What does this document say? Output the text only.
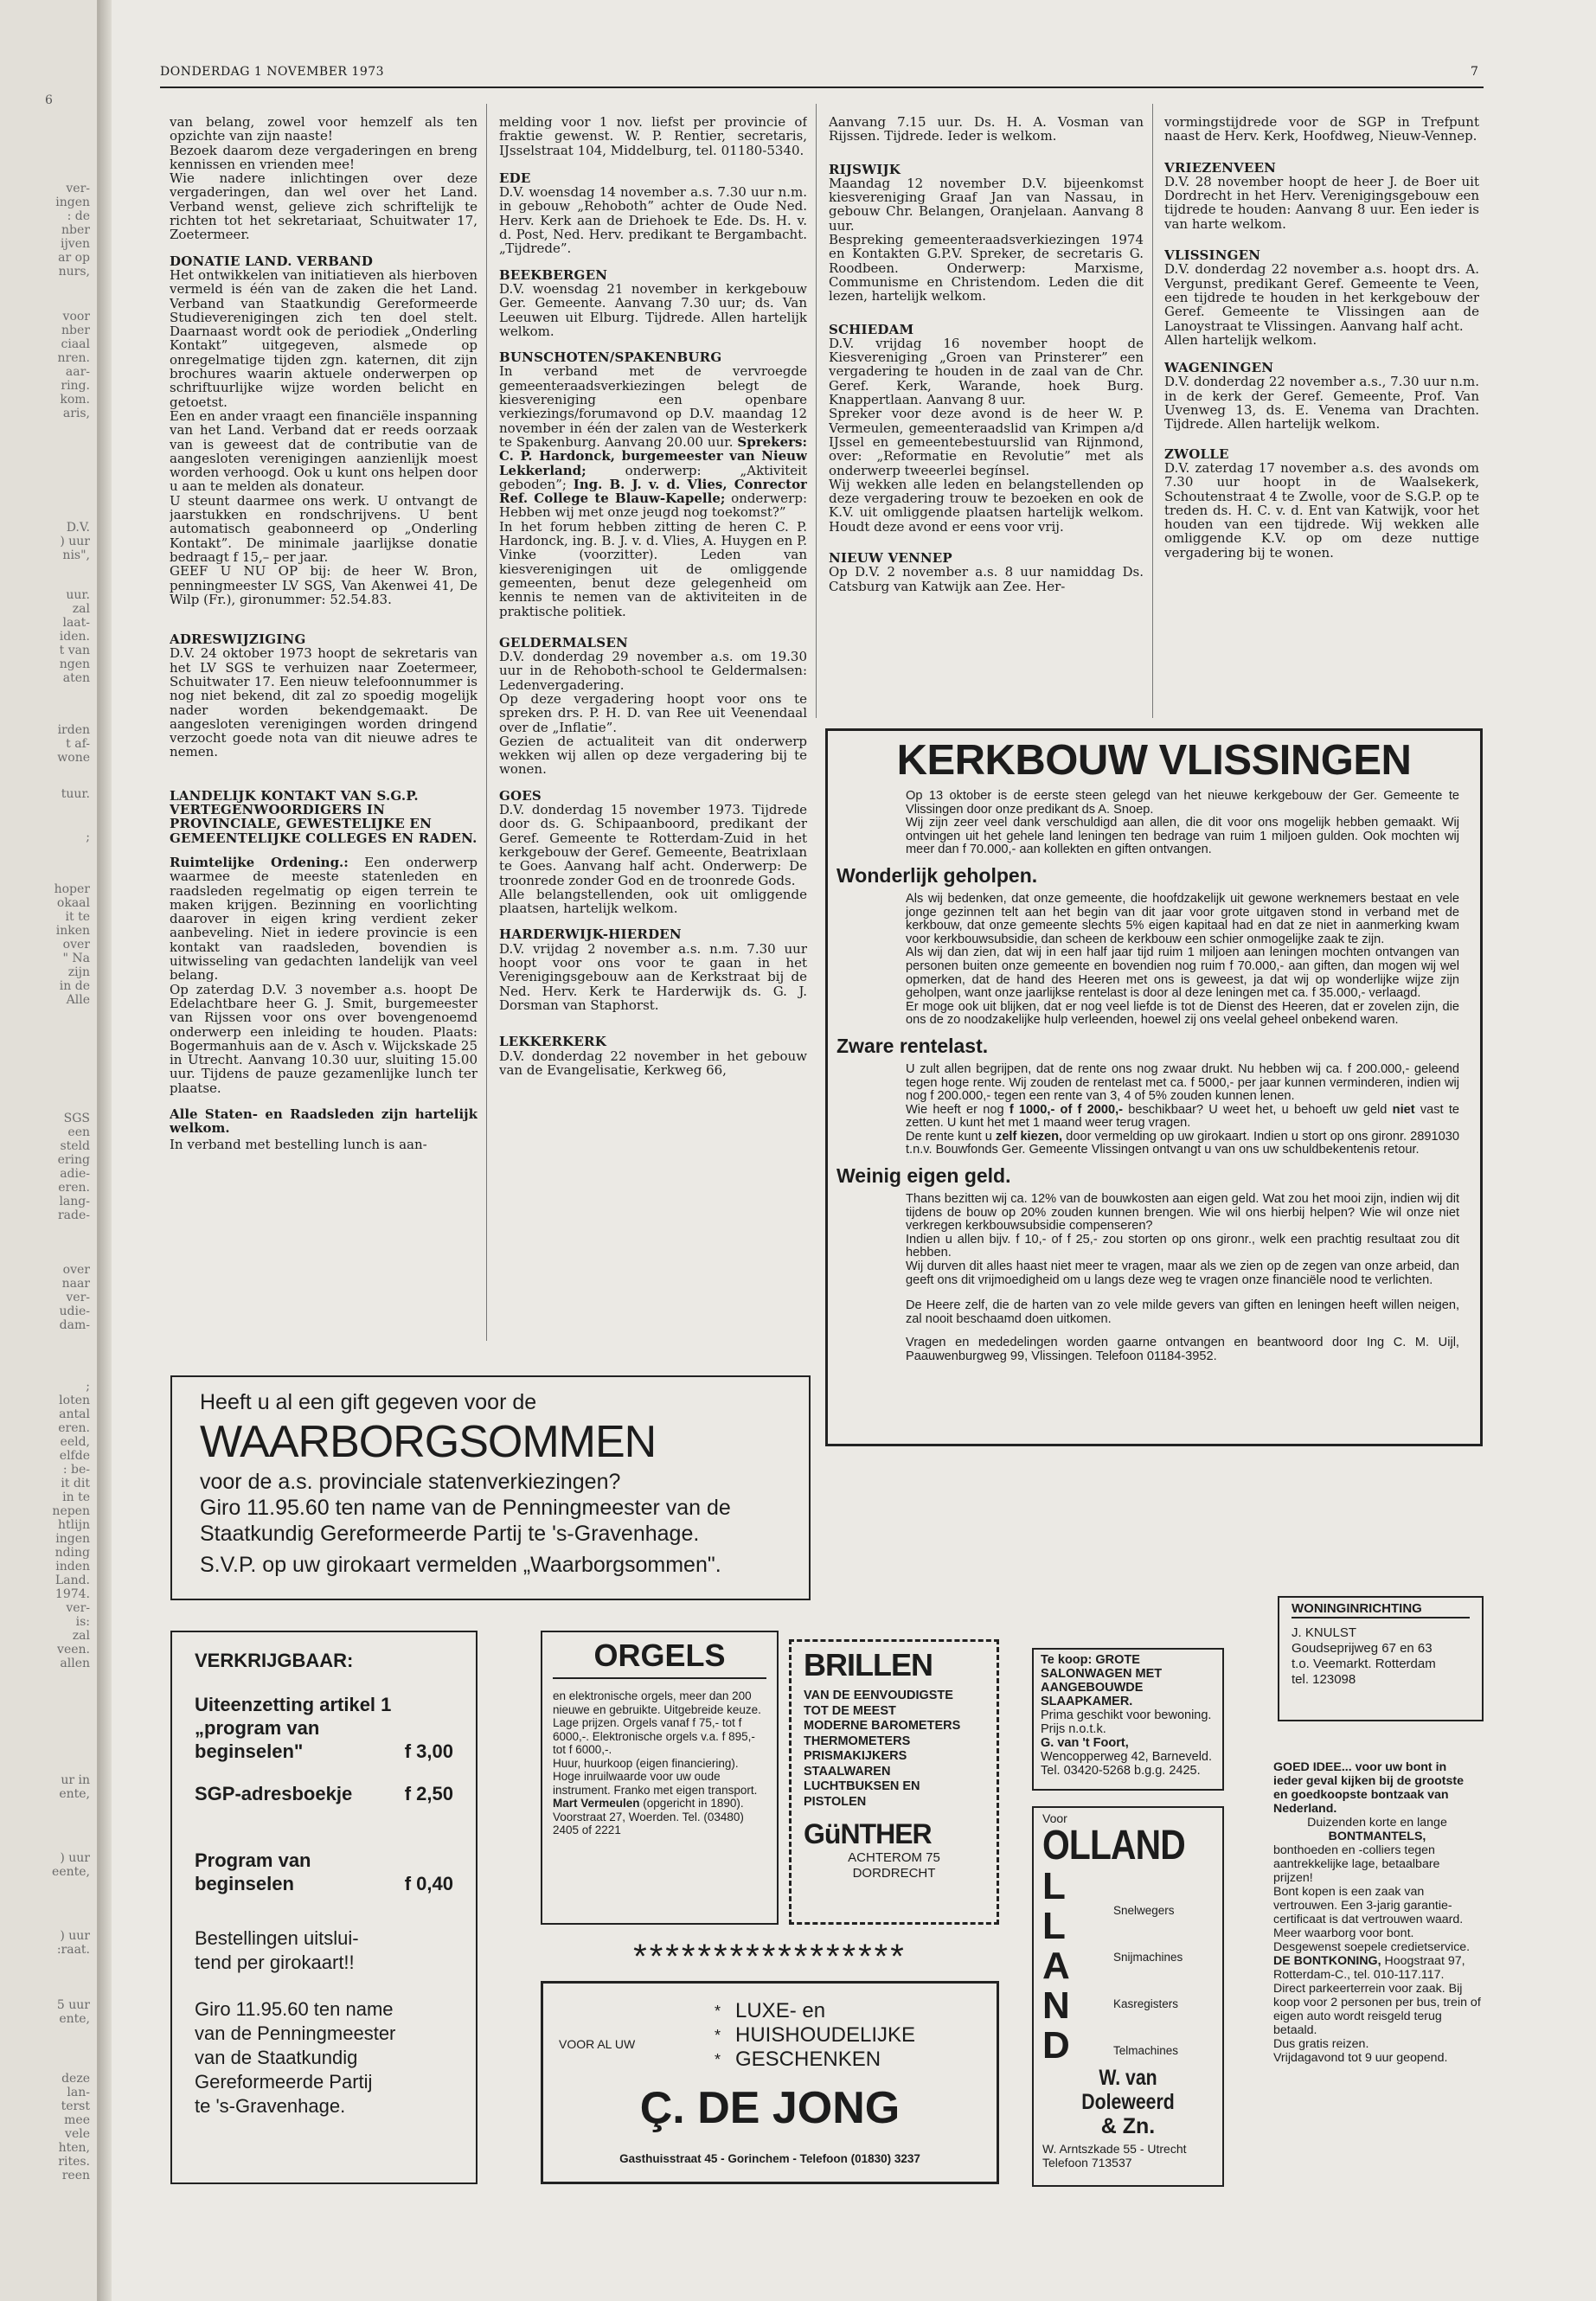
6
ver-
ingen
: de
nber
ijven
ar op
nurs,
voor
nber
ciaal
nren.
aar-
ring.
kom.
aris,
D.V.
) uur
nis",
uur.
zal
laat-
iden.
t van
ngen
aten
irden
t af-
wone
tuur.
;
hoper
okaal
it te
inken
over
" Na
zijn
in de
Alle
SGS
een
steld
ering
adie-
eren.
lang-
rade-
over
naar
ver-
udie-
dam-
;
loten
antal
eren.
eeld,
elfde
: be-
it dit
in te
nepen
htlijn
ingen
nding
inden
Land.
1974.
ver-
is:
zal
veen.
allen
ur in
ente,
) uur
eente,
) uur
:raat.
5 uur
ente,
deze
lan-
terst
mee
vele
hten,
rites.
reen
DONDERDAG 1 NOVEMBER 1973	7

van belang, zowel voor hemzelf als ten opzichte van zijn naaste!
Bezoek daarom deze vergaderingen en breng kennissen en vrienden mee!
Wie nadere inlichtingen over deze vergaderingen, dan wel over het Land. Verband wenst, gelieve zich schriftelijk te richten tot het sekretariaat, Schuitwater 17, Zoetermeer.

DONATIE LAND. VERBAND

Het ontwikkelen van initiatieven als hierboven vermeld is één van de zaken die het Land. Verband van Staatkundig Gereformeerde Studieverenigingen zich ten doel stelt. Daarnaast wordt ook de periodiek „Onderling Kontakt” uitgegeven, alsmede op onregelmatige tijden zgn. katernen, dit zijn brochures waarin aktuele onderwerpen op schriftuurlijke wijze worden belicht en getoetst.
Een en ander vraagt een financiële inspanning van het Land. Verband dat er reeds oorzaak van is geweest dat de contributie van de aangesloten verenigingen aanzienlijk moest worden verhoogd. Ook u kunt ons helpen door u aan te melden als donateur.
U steunt daarmee ons werk. U ontvangt de jaarstukken en rondschrijvens. U bent automatisch geabonneerd op „Onderling Kontakt”. De minimale jaarlijkse donatie bedraagt f 15,– per jaar.
GEEF U NU OP bij: de heer W. Bron, penningmeester LV SGS, Van Akenwei 41, De Wilp (Fr.), gironummer: 52.54.83.

ADRESWIJZIGING

D.V. 24 oktober 1973 hoopt de sekretaris van het LV SGS te verhuizen naar Zoetermeer, Schuitwater 17. Een nieuw telefoonnummer is nog niet bekend, dit zal zo spoedig mogelijk nader worden bekendgemaakt. De aangesloten verenigingen worden dringend verzocht goede nota van dit nieuwe adres te nemen.

LANDELIJK KONTAKT VAN S.G.P. VERTEGENWOORDIGERS IN PROVINCIALE, GEWESTELIJKE EN GEMEENTELIJKE COLLEGES EN RADEN.

Ruimtelijke Ordening.: Een onderwerp waarmee de meeste statenleden en raadsleden regelmatig op eigen terrein te maken krijgen. Bezinning en voorlichting daarover in eigen kring verdient zeker aanbeveling. Niet in iedere provincie is een kontakt van raadsleden, bovendien is uitwisseling van gedachten landelijk van veel belang.
Op zaterdag D.V. 3 november a.s. hoopt De Edelachtbare heer G. J. Smit, burgemeester van Rijssen voor ons over bovengenoemd onderwerp een inleiding te houden. Plaats: Bogermanhuis aan de v. Asch v. Wijckskade 25 in Utrecht. Aanvang 10.30 uur, sluiting 15.00 uur. Tijdens de pauze gezamenlijke lunch ter plaatse.

Alle Staten- en Raadsleden zijn hartelijk welkom.

In verband met bestelling lunch is aan-

melding voor 1 nov. liefst per provincie of fraktie gewenst. W. P. Rentier, secretaris, IJsselstraat 104, Middelburg, tel. 01180-5340.

EDE

D.V. woensdag 14 november a.s. 7.30 uur n.m. in gebouw „Rehoboth” achter de Oude Ned. Herv. Kerk aan de Driehoek te Ede. Ds. H. v. d. Post, Ned. Herv. predikant te Bergambacht. „Tijdrede”.

BEEKBERGEN

D.V. woensdag 21 november in kerkgebouw Ger. Gemeente. Aanvang 7.30 uur; ds. Van Leeuwen uit Elburg. Tijdrede. Allen hartelijk welkom.

BUNSCHOTEN/SPAKENBURG

In verband met de vervroegde gemeenteraadsverkiezingen belegt de kiesvereniging een openbare verkiezings/forumavond op D.V. maandag 12 november in één der zalen van de Westerkerk te Spakenburg. Aanvang 20.00 uur. Sprekers: C. P. Hardonck, burgemeester van Nieuw Lekkerland; onderwerp: „Aktiviteit geboden”; Ing. B. J. v. d. Vlies, Conrector Ref. College te Blauw-Kapelle; onderwerp: Hebben wij met onze jeugd nog toekomst?”
In het forum hebben zitting de heren C. P. Hardonck, ing. B. J. v. d. Vlies, A. Huygen en P. Vinke (voorzitter). Leden van kiesverenigingen uit de omliggende gemeenten, benut deze gelegenheid om kennis te nemen van de aktiviteiten in de praktische politiek.

GELDERMALSEN

D.V. donderdag 29 november a.s. om 19.30 uur in de Rehoboth-school te Geldermalsen: Ledenvergadering.
Op deze vergadering hoopt voor ons te spreken drs. P. H. D. van Ree uit Veenendaal over de „Inflatie”.
Gezien de actualiteit van dit onderwerp wekken wij allen op deze vergadering bij te wonen.

GOES

D.V. donderdag 15 november 1973. Tijdrede door ds. G. Schipaanboord, predikant der Geref. Gemeente te Rotterdam-Zuid in het kerkgebouw der Geref. Gemeente, Beatrixlaan te Goes. Aanvang half acht. Onderwerp: De troonrede zonder God en de troonrede Gods.
Alle belangstellenden, ook uit omliggende plaatsen, hartelijk welkom.

HARDERWIJK-HIERDEN

D.V. vrijdag 2 november a.s. n.m. 7.30 uur hoopt voor ons voor te gaan in het Verenigingsgebouw aan de Kerkstraat bij de Ned. Herv. Kerk te Harderwijk ds. G. J. Dorsman van Staphorst.

LEKKERKERK

D.V. donderdag 22 november in het gebouw van de Evangelisatie, Kerkweg 66,

Aanvang 7.15 uur. Ds. H. A. Vosman van Rijssen. Tijdrede. Ieder is welkom.

RIJSWIJK

Maandag 12 november D.V. bijeenkomst kiesvereniging Graaf Jan van Nassau, in gebouw Chr. Belangen, Oranjelaan. Aanvang 8 uur.
Bespreking gemeenteraadsverkiezingen 1974 en Kontakten G.P.V. Spreker, de secretaris G. Roodbeen. Onderwerp: Marxisme, Communisme en Christendom. Leden die dit lezen, hartelijk welkom.

SCHIEDAM

D.V. vrijdag 16 november hoopt de Kiesvereniging „Groen van Prinsterer” een vergadering te houden in de zaal van de Chr. Geref. Kerk, Warande, hoek Burg. Knappertlaan. Aanvang 8 uur.
Spreker voor deze avond is de heer W. P. Vermeulen, gemeenteraadslid van Krimpen a/d IJssel en gemeentebestuurslid van Rijnmond, over: „Reformatie en Revolutie” met als onderwerp tweeerlei begínsel.
Wij wekken alle leden en belangstellenden op deze vergadering trouw te bezoeken en ook de K.V. uit omliggende plaatsen hartelijk welkom. Houdt deze avond er eens voor vrij.

NIEUW VENNEP

Op D.V. 2 november a.s. 8 uur namiddag Ds. Catsburg van Katwijk aan Zee. Her-

vormingstijdrede voor de SGP in Trefpunt naast de Herv. Kerk, Hoofdweg, Nieuw-Vennep.

VRIEZENVEEN

D.V. 28 november hoopt de heer J. de Boer uit Dordrecht in het Herv. Verenigingsgebouw een tijdrede te houden: Aanvang 8 uur. Een ieder is van harte welkom.

VLISSINGEN

D.V. donderdag 22 november a.s. hoopt drs. A. Vergunst, predikant Geref. Gemeente te Veen, een tijdrede te houden in het kerkgebouw der Geref. Gemeente te Vlissingen aan de Lanoystraat te Vlissingen. Aanvang half acht.
Allen hartelijk welkom.

WAGENINGEN

D.V. donderdag 22 november a.s., 7.30 uur n.m. in de kerk der Geref. Gemeente, Prof. Van Uvenweg 13, ds. E. Venema van Drachten. Tijdrede. Allen hartelijk welkom.

ZWOLLE

D.V. zaterdag 17 november a.s. des avonds om 7.30 uur hoopt in de Waalsekerk, Schoutenstraat 4 te Zwolle, voor de S.G.P. op te treden ds. H. C. v. d. Ent van Katwijk, voor het houden van een tijdrede. Wij wekken alle omliggende K.V. op om deze nuttige vergadering bij te wonen.

KERKBOUW VLISSINGEN
Op 13 oktober is de eerste steen gelegd van het nieuwe kerkgebouw der Ger. Gemeente te Vlissingen door onze predikant ds A. Snoep.
Wij zijn zeer veel dank verschuldigd aan allen, die dit voor ons mogelijk hebben gemaakt. Wij ontvingen uit het gehele land leningen ten bedrage van ruim 1 miljoen gulden. Ook mochten wij meer dan f 70.000,- aan kollekten en giften ontvangen.
Wonderlijk geholpen.
Als wij bedenken, dat onze gemeente, die hoofdzakelijk uit gewone werknemers bestaat en vele jonge gezinnen telt aan het begin van dit jaar voor grote uitgaven stond in verband met de kerkbouw, dat onze gemeente slechts 5% eigen kapitaal had en dat ze niet in aanmerking kwam voor kerkbouwsubsidie, dan scheen de kerkbouw een schier onmogelijke zaak te zijn.
Als wij dan zien, dat wij in een half jaar tijd ruim 1 miljoen aan leningen mochten ontvangen van personen buiten onze gemeente en bovendien nog ruim f 70.000,- aan giften, dan mogen wij wel opmerken, dat de hand des Heeren met ons is geweest, ja dat wij op wonderlijke wijze zijn geholpen, want onze jaarlijkse rentelast is door al deze leningen met ca. f 35.000,- verlaagd.
Er moge ook uit blijken, dat er nog veel liefde is tot de Dienst des Heeren, dat er zovelen zijn, die ons de zo noodzakelijke hulp verleenden, hoewel zij ons veelal geheel onbekend waren.
Zware rentelast.
U zult allen begrijpen, dat de rente ons nog zwaar drukt. Nu hebben wij ca. f 200.000,- geleend tegen hoge rente. Wij zouden de rentelast met ca. f 5000,- per jaar kunnen verminderen, indien wij nog f 200.000,- tegen een rente van 3, 4 of 5% zouden kunnen lenen.
Wie heeft er nog f 1000,- of f 2000,- beschikbaar? U weet het, u behoeft uw geld niet vast te zetten. U kunt het met 1 maand weer terug vragen.
De rente kunt u zelf kiezen, door vermelding op uw girokaart. Indien u stort op ons gironr. 2891030 t.n.v. Bouwfonds Ger. Gemeente Vlissingen ontvangt u van ons uw schuldbekentenis retour.
Weinig eigen geld.
Thans bezitten wij ca. 12% van de bouwkosten aan eigen geld. Wat zou het mooi zijn, indien wij dit tijdens de bouw op 20% zouden kunnen brengen. Wie wil ons hierbij helpen? Wie wil onze niet verkregen kerkbouwsubsidie compenseren?
Indien u allen bijv. f 10,- of f 25,- zou storten op ons gironr., welk een prachtig resultaat zou dit hebben.
Wij durven dit alles haast niet meer te vragen, maar als we zien op de zegen van onze arbeid, dan geeft ons dit vrijmoedigheid om u langs deze weg te vragen onze financiële nood te verlichten.
De Heere zelf, die de harten van zo vele milde gevers van giften en leningen heeft willen neigen, zal nooit beschaamd doen uitkomen.
Vragen en mededelingen worden gaarne ontvangen en beantwoord door Ing C. M. Uijl, Paauwenburgweg 99, Vlissingen. Telefoon 01184-3952.
Heeft u al een gift gegeven voor de
WAARBORGSOMMEN
voor de a.s. provinciale statenverkiezingen?
Giro 11.95.60 ten name van de Penningmeester van de
Staatkundig Gereformeerde Partij te 's-Gravenhage.
S.V.P. op uw girokaart vermelden „Waarborgsommen".
VERKRIJGBAAR:
Uiteenzetting artikel 1
„program van
beginselen"	f 3,00
SGP-adresboekje	f 2,50
Program van
beginselen	f 0,40
Bestellingen uitslui-
tend per girokaart!!
Giro 11.95.60 ten name
van de Penningmeester
van de Staatkundig
Gereformeerde Partij
te 's-Gravenhage.
ORGELS
en elektronische orgels, meer dan 200 nieuwe en gebruikte. Uitgebreide keuze. Lage prijzen. Orgels vanaf f 75,- tot f 6000,-. Elektronische orgels v.a. f 895,- tot f 6000,-.
Huur, huurkoop (eigen financiering). Hoge inruilwaarde voor uw oude instrument. Franko met eigen transport. Mart Vermeulen (opgericht in 1890). Voorstraat 27, Woerden. Tel. (03480) 2405 of 2221
BRILLEN
VAN DE EENVOUDIGSTE
TOT DE MEEST
MODERNE BAROMETERS
THERMOMETERS
PRISMAKIJKERS
STAALWAREN
LUCHTBUKSEN EN
PISTOLEN
GüNTHER
ACHTEROM 75
DORDRECHT
Te koop: GROTE SALONWAGEN MET AANGEBOUWDE SLAAPKAMER.
Prima geschikt voor bewoning. Prijs n.o.t.k.
G. van 't Foort, Wencopperweg 42, Barneveld.
Tel. 03420-5268 b.g.g. 2425.
WONINGINRICHTING
J. KNULST
Goudseprijweg 67 en 63
t.o. Veemarkt. Rotterdam
tel. 123098
*****************
Voor
OLLAND
L
L
A
N
D
Snelwegers
Snijmachines
Kasregisters
Telmachines
W. van Doleweerd
& Zn.
W. Arntszkade 55 - Utrecht
Telefoon 713537
GOED IDEE... voor uw bont in
ieder geval kijken bij de grootste en goedkoopste bontzaak van Nederland.
Duizenden korte en lange
BONTMANTELS,
bonthoeden en -colliers tegen aantrekkelijke lage, betaalbare prijzen!
Bont kopen is een zaak van vertrouwen. Een 3-jarig garantie-certificaat is dat vertrouwen waard. Meer waarborg voor bont. Desgewenst soepele credietservice.
DE BONTKONING, Hoogstraat 97, Rotterdam-C., tel. 010-117.117.
Direct parkeerterrein voor zaak. Bij koop voor 2 personen per bus, trein of eigen auto wordt reisgeld terug betaald.
Dus gratis reizen.
Vrijdagavond tot 9 uur geopend.
LUXE- en
HUISHOUDELIJKE
GESCHENKEN
*
*
*
VOOR AL UW
Ç. DE JONG
Gasthuisstraat 45 - Gorinchem - Telefoon (01830) 3237
